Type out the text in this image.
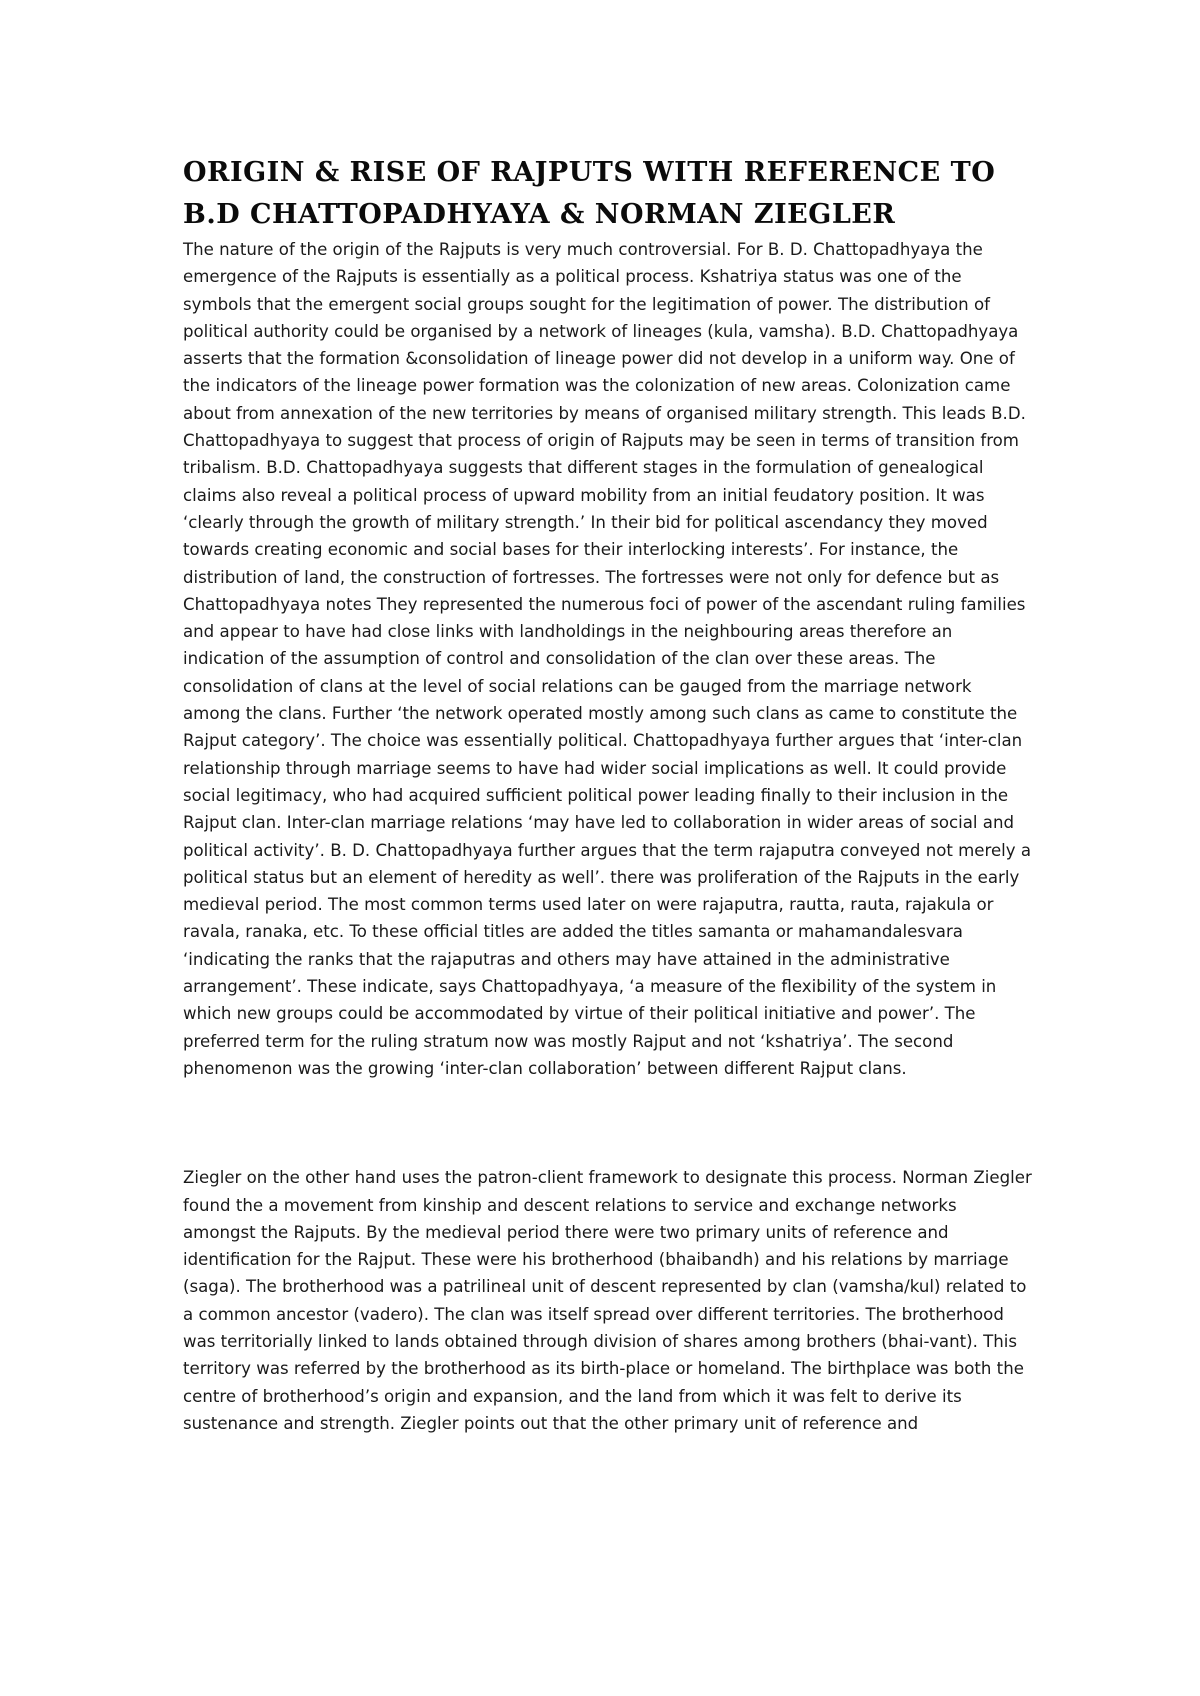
ORIGIN & RISE OF RAJPUTS WITH REFERENCE TO
B.D CHATTOPADHYAYA & NORMAN ZIEGLER

The nature of the origin of the Rajputs is very much controversial. For B. D. Chattopadhyaya the emergence of the Rajputs is essentially as a political process. Kshatriya status was one of the symbols that the emergent social groups sought for the legitimation of power. The distribution of political authority could be organised by a network of lineages (kula, vamsha). B.D. Chattopadhyaya asserts that the formation &consolidation of lineage power did not develop in a uniform way. One of the indicators of the lineage power formation was the colonization of new areas. Colonization came about from annexation of the new territories by means of organised military strength. This leads B.D. Chattopadhyaya to suggest that process of origin of Rajputs may be seen in terms of transition from tribalism. B.D. Chattopadhyaya suggests that different stages in the formulation of genealogical claims also reveal a political process of upward mobility from an initial feudatory position. It was ‘clearly through the growth of military strength.’ In their bid for political ascendancy they moved towards creating economic and social bases for their interlocking interests’. For instance, the distribution of land, the construction of fortresses. The fortresses were not only for defence but as Chattopadhyaya notes They represented the numerous foci of power of the ascendant ruling families and appear to have had close links with landholdings in the neighbouring areas therefore an indication of the assumption of control and consolidation of the clan over these areas. The consolidation of clans at the level of social relations can be gauged from the marriage network among the clans. Further ‘the network operated mostly among such clans as came to constitute the Rajput category’. The choice was essentially political. Chattopadhyaya further argues that ‘inter-clan relationship through marriage seems to have had wider social implications as well. It could provide social legitimacy, who had acquired sufficient political power leading finally to their inclusion in the Rajput clan. Inter-clan marriage relations ‘may have led to collaboration in wider areas of social and political activity’. B. D. Chattopadhyaya further argues that the term rajaputra conveyed not merely a political status but an element of heredity as well’. there was proliferation of the Rajputs in the early medieval period. The most common terms used later on were rajaputra, rautta, rauta, rajakula or ravala, ranaka, etc. To these official titles are added the titles samanta or mahamandalesvara ‘indicating the ranks that the rajaputras and others may have attained in the administrative arrangement’. These indicate, says Chattopadhyaya, ‘a measure of the flexibility of the system in which new groups could be accommodated by virtue of their political initiative and power’. The preferred term for the ruling stratum now was mostly Rajput and not ‘kshatriya’. The second phenomenon was the growing ‘inter-clan collaboration’ between different Rajput clans.

Ziegler on the other hand uses the patron-client framework to designate this process. Norman Ziegler found the a movement from kinship and descent relations to service and exchange networks amongst the Rajputs. By the medieval period there were two primary units of reference and identification for the Rajput. These were his brotherhood (bhaibandh) and his relations by marriage (saga). The brotherhood was a patrilineal unit of descent represented by clan (vamsha/kul) related to a common ancestor (vadero). The clan was itself spread over different territories. The brotherhood was territorially linked to lands obtained through division of shares among brothers (bhai-vant). This territory was referred by the brotherhood as its birth-place or homeland. The birthplace was both the centre of brotherhood’s origin and expansion, and the land from which it was felt to derive its sustenance and strength. Ziegler points out that the other primary unit of reference and
